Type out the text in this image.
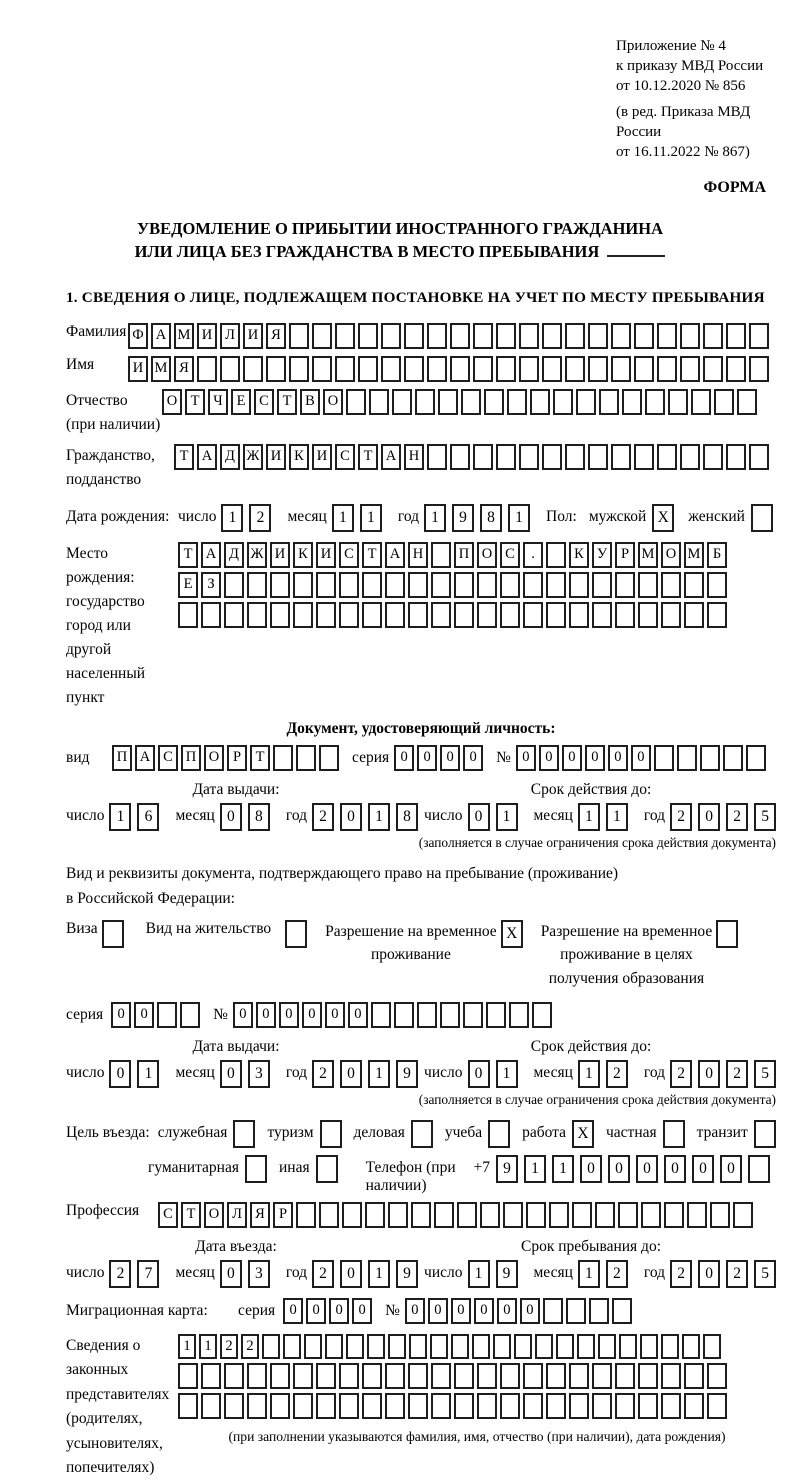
Приложение № 4
к приказу МВД России
от 10.12.2020 № 856
(в ред. Приказа МВД России
от 16.11.2022 № 867)
ФОРМА
УВЕДОМЛЕНИЕ О ПРИБЫТИИ ИНОСТРАННОГО ГРАЖДАНИНА
ИЛИ ЛИЦА БЕЗ ГРАЖДАНСТВА В МЕСТО ПРЕБЫВАНИЯ
1. СВЕДЕНИЯ О ЛИЦЕ, ПОДЛЕЖАЩЕМ ПОСТАНОВКЕ НА УЧЕТ ПО МЕСТУ ПРЕБЫВАНИЯ
Фамилия Ф А М И Л И Я
Имя	И М Я
Отчество
(при наличии)
О Т Ч Е С Т В О
Гражданство,
подданство
Т А Д Ж И К И С Т А Н
Дата рождения: число 1 2 месяц 1 1 год 1 9 8 1	Пол: мужской X	женский
Место рождения:
государство
город или другой
населенный пункт
Т А Д Ж И К И С Т А Н П О С .	К У Р М О М Б
Е З
Документ, удостоверяющий личность:
вид	П А С П О Р Т	серия 0 0 0 0	№ 0 0 0 0 0 0
Дата выдачи:	Срок действия до:
число 1 6 месяц 0 8 год 2 0 1 8 число 0 1 месяц 1 1 год 2 0 2 5
(заполняется в случае ограничения срока действия документа)
Вид и реквизиты документа, подтверждающего право на пребывание (проживание)
в Российской Федерации:
Виза	Вид на жительство	Разрешение на временное
проживание
X	Разрешение на временное
проживание в целях
получения образования
серия 0 0	№ 0 0 0 0 0 0
Дата выдачи:	Срок действия до:
число 0 1 месяц 0 3 год 2 0 1 9 число 0 1 месяц 1 2 год 2 0 2 5
(заполняется в случае ограничения срока действия документа)
Цель въезда: служебная	туризм	деловая	учеба	работа X	частная	транзит
гуманитарная	иная	Телефон (при наличии)
+7 9 1 1 0 0 0 0 0 0
Профессия	С Т О Л Я Р
Дата въезда:	Срок пребывания до:
число 2 7 месяц 0 3 год 2 0 1 9 число 1 9 месяц 1 2 год 2 0 2 5
Миграционная карта:	серия 0 0 0 0	№ 0 0 0 0 0 0
Сведения о
законных
представителях
(родителях,
усыновителях,
попечителях)
1 1 2 2
(при заполнении указываются фамилия, имя, отчество (при наличии), дата рождения)
